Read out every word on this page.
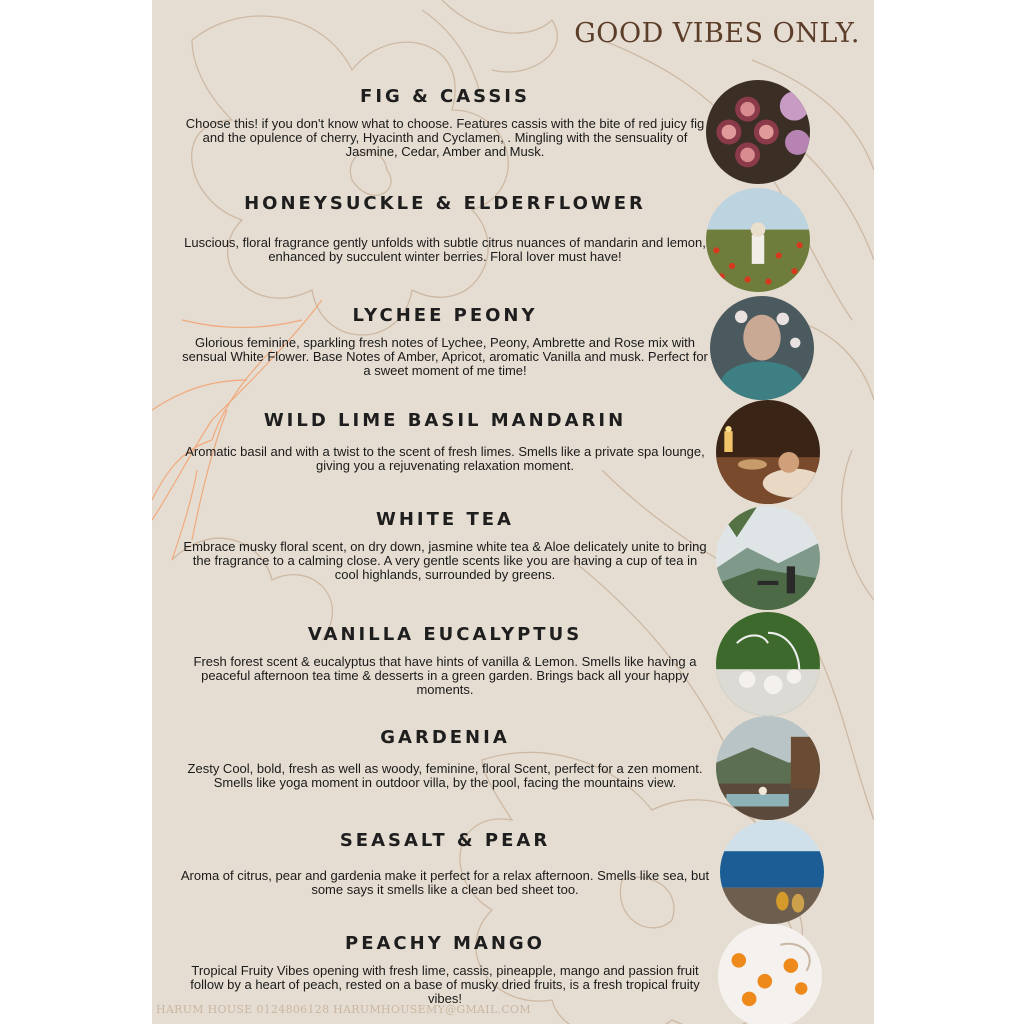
GOOD VIBES ONLY.
FIG & CASSIS

Choose this! if you don't know what to choose. Features cassis with the bite of red juicy fig and the opulence of cherry, Hyacinth and Cyclamen, . Mingling with the sensuality of Jasmine, Cedar, Amber and Musk.

HONEYSUCKLE & ELDERFLOWER

Luscious, floral fragrance gently unfolds with subtle citrus nuances of mandarin and lemon, enhanced by succulent winter berries. Floral lover must have!

LYCHEE PEONY

Glorious feminine, sparkling fresh notes of Lychee, Peony, Ambrette and Rose mix with sensual White Flower. Base Notes of Amber, Apricot, aromatic Vanilla and musk. Perfect for a sweet moment of me time!

WILD LIME BASIL MANDARIN

Aromatic basil and with a twist to the scent of fresh limes. Smells like a private spa lounge, giving you a rejuvenating relaxation moment.

WHITE TEA

Embrace musky floral scent, on dry down, jasmine white tea & Aloe delicately unite to bring the fragrance to a calming close. A very gentle scents like you are having a cup of tea in cool highlands, surrounded by greens.

VANILLA EUCALYPTUS

Fresh forest scent & eucalyptus that have hints of vanilla & Lemon. Smells like having a peaceful afternoon tea time & desserts in a green garden. Brings back all your happy moments.

GARDENIA

Zesty Cool, bold, fresh as well as woody, feminine, floral Scent, perfect for a zen moment. Smells like yoga moment in outdoor villa, by the pool, facing the mountains view.

SEASALT & PEAR

Aroma of citrus, pear and gardenia make it perfect for a relax afternoon. Smells like sea, but some says it smells like a clean bed sheet too.

PEACHY MANGO

Tropical Fruity Vibes opening with fresh lime, cassis, pineapple, mango and passion fruit follow by a heart of peach, rested on a base of musky dried fruits, is a fresh tropical fruity vibes!

HARUM HOUSE 0124806128 HARUMHOUSEMY@GMAIL.COM
